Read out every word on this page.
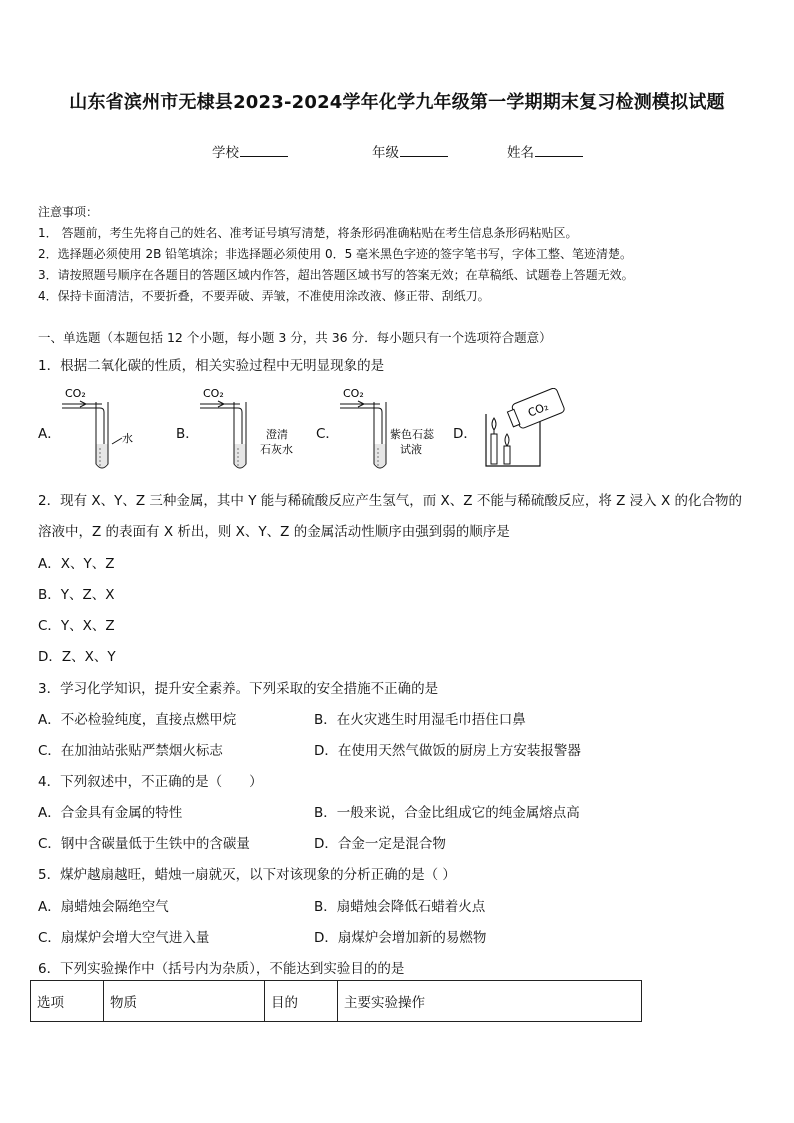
山东省滨州市无棣县2023-2024学年化学九年级第一学期期末复习检测模拟试题
学校	年级	姓名
注意事项：
1． 答题前，考生先将自己的姓名、准考证号填写清楚，将条形码准确粘贴在考生信息条形码粘贴区。
2．选择题必须使用 2B 铅笔填涂；非选择题必须使用 0．5 毫米黑色字迹的签字笔书写，字体工整、笔迹清楚。
3．请按照题号顺序在各题目的答题区域内作答，超出答题区域书写的答案无效；在草稿纸、试题卷上答题无效。
4．保持卡面清洁，不要折叠，不要弄破、弄皱，不准使用涂改液、修正带、刮纸刀。
一、单选题（本题包括 12 个小题，每小题 3 分，共 36 分．每小题只有一个选项符合题意）
1．根据二氧化碳的性质，相关实验过程中无明显现象的是
A．
CO₂
水	B．
CO₂
澄清
石灰水
C．
CO₂
紫色石蕊
试液
D．
CO₂
2．现有 X、Y、Z 三种金属，其中 Y 能与稀硫酸反应产生氢气，而 X、Z 不能与稀硫酸反应，将 Z 浸入 X 的化合物的
溶液中，Z 的表面有 X 析出，则 X、Y、Z 的金属活动性顺序由强到弱的顺序是
A．X、Y、Z
B．Y、Z、X
C．Y、X、Z
D．Z、X、Y
3．学习化学知识，提升安全素养。下列采取的安全措施不正确的是
A．不必检验纯度，直接点燃甲烷	B．在火灾逃生时用湿毛巾捂住口鼻
C．在加油站张贴严禁烟火标志	D．在使用天然气做饭的厨房上方安装报警器
4．下列叙述中，不正确的是（　　）
A．合金具有金属的特性	B．一般来说，合金比组成它的纯金属熔点高
C．钢中含碳量低于生铁中的含碳量	D．合金一定是混合物
5．煤炉越扇越旺，蜡烛一扇就灭，以下对该现象的分析正确的是（ ）
A．扇蜡烛会隔绝空气	B．扇蜡烛会降低石蜡着火点
C．扇煤炉会增大空气进入量	D．扇煤炉会增加新的易燃物
6．下列实验操作中（括号内为杂质），不能达到实验目的的是
选项	物质	目的	主要实验操作
